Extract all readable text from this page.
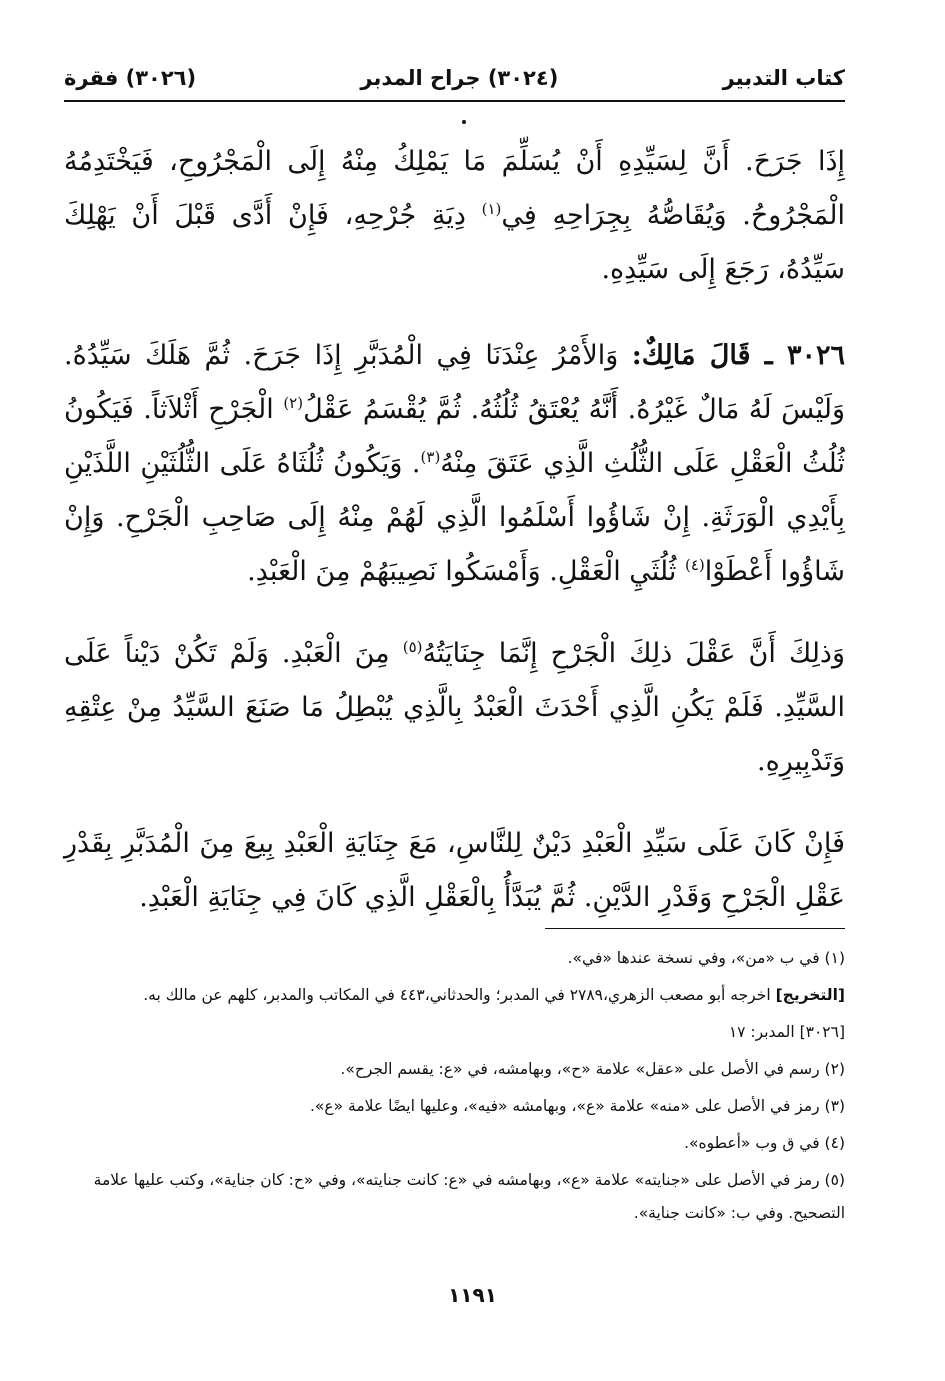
كتاب التدبير
(٣٠٢٤) جراح المدبر
(٣٠٢٦) فقرة

إِذَا جَرَحَ. أَنَّ لِسَيِّدِهِ أَنْ يُسَلِّمَ مَا يَمْلِكُ مِنْهُ إِلَى الْمَجْرُوحِ، فَيَخْتَدِمُهُ الْمَجْرُوحُ. وَيُقَاصُّهُ بِجِرَاحِهِ فِي$^{(١)}$ دِيَةِ جُرْحِهِ، فَإِنْ أَدَّى قَبْلَ أَنْ يَهْلِكَ سَيِّدُهُ، رَجَعَ إِلَى سَيِّدِهِ.

٣٠٢٦ ـ قَالَ مَالِكٌ: وَالأَمْرُ عِنْدَنَا فِي الْمُدَبَّرِ إِذَا جَرَحَ. ثُمَّ هَلَكَ سَيِّدُهُ. وَلَيْسَ لَهُ مَالٌ غَيْرُهُ. أَنَّهُ يُعْتَقُ ثُلُثُهُ. ثُمَّ يُقْسَمُ عَقْلُ$^{(٢)}$ الْجَرْحِ أَثْلاَثاً. فَيَكُونُ ثُلُثُ الْعَقْلِ عَلَى الثُّلُثِ الَّذِي عَتَقَ مِنْهُ$^{(٣)}$. وَيَكُونُ ثُلُثَاهُ عَلَى الثُّلُثَيْنِ اللَّذَيْنِ بِأَيْدِي الْوَرَثَةِ. إِنْ شَاؤُوا أَسْلَمُوا الَّذِي لَهُمْ مِنْهُ إِلَى صَاحِبِ الْجَرْحِ. وَإِنْ شَاؤُوا أَعْطَوْا$^{(٤)}$ ثُلُثَيِ الْعَقْلِ. وَأَمْسَكُوا نَصِيبَهُمْ مِنَ الْعَبْدِ.

وَذلِكَ أَنَّ عَقْلَ ذلِكَ الْجَرْحِ إِنَّمَا جِنَايَتُهُ$^{(٥)}$ مِنَ الْعَبْدِ. وَلَمْ تَكُنْ دَيْناً عَلَى السَّيِّدِ. فَلَمْ يَكُنِ الَّذِي أَحْدَثَ الْعَبْدُ بِالَّذِي يُبْطِلُ مَا صَنَعَ السَّيِّدُ مِنْ عِتْقِهِ وَتَدْبِيرِهِ.

فَإِنْ كَانَ عَلَى سَيِّدِ الْعَبْدِ دَيْنٌ لِلنَّاسِ، مَعَ جِنَايَةِ الْعَبْدِ بِيعَ مِنَ الْمُدَبَّرِ بِقَدْرِ عَقْلِ الْجَرْحِ وَقَدْرِ الدَّيْنِ. ثُمَّ يُبَدَّأُ بِالْعَقْلِ الَّذِي كَانَ فِي جِنَايَةِ الْعَبْدِ.

(١) في ب «من»، وفي نسخة عندها «في».
[التخريج] اخرجه أبو مصعب الزهري،٢٧٨٩ في المدبر؛ والحدثاني،٤٤٣ في المكاتب والمدبر، كلهم عن مالك به.
[٣٠٢٦] المدبر: ١٧
(٢) رسم في الأصل على «عقل» علامة «ح»، وبهامشه، في «ع: يقسم الجرح».
(٣) رمز في الأصل على «منه» علامة «ع»، وبهامشه «فيه»، وعليها ايضًا علامة «ع».
(٤) في ق وب «أعطوه».
(٥) رمز في الأصل على «جنايته» علامة «ع»، وبهامشه في «ع: كانت جنايته»، وفي «ح: كان جناية»، وكتب عليها علامة التصحيح. وفي ب: «كانت جناية».
١١٩١
